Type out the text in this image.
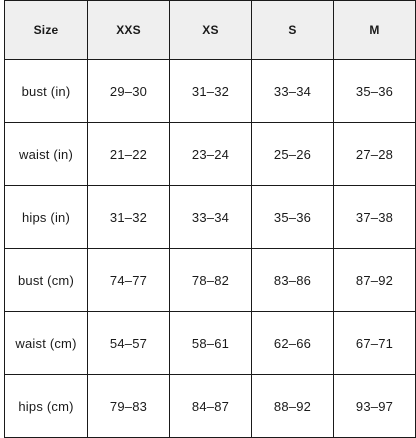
Size	XXS	XS	S	M
bust (in)	29–30	31–32	33–34	35–36
waist (in)	21–22	23–24	25–26	27–28
hips (in)	31–32	33–34	35–36	37–38
bust (cm)	74–77	78–82	83–86	87–92
waist (cm)	54–57	58–61	62–66	67–71
hips (cm)	79–83	84–87	88–92	93–97
